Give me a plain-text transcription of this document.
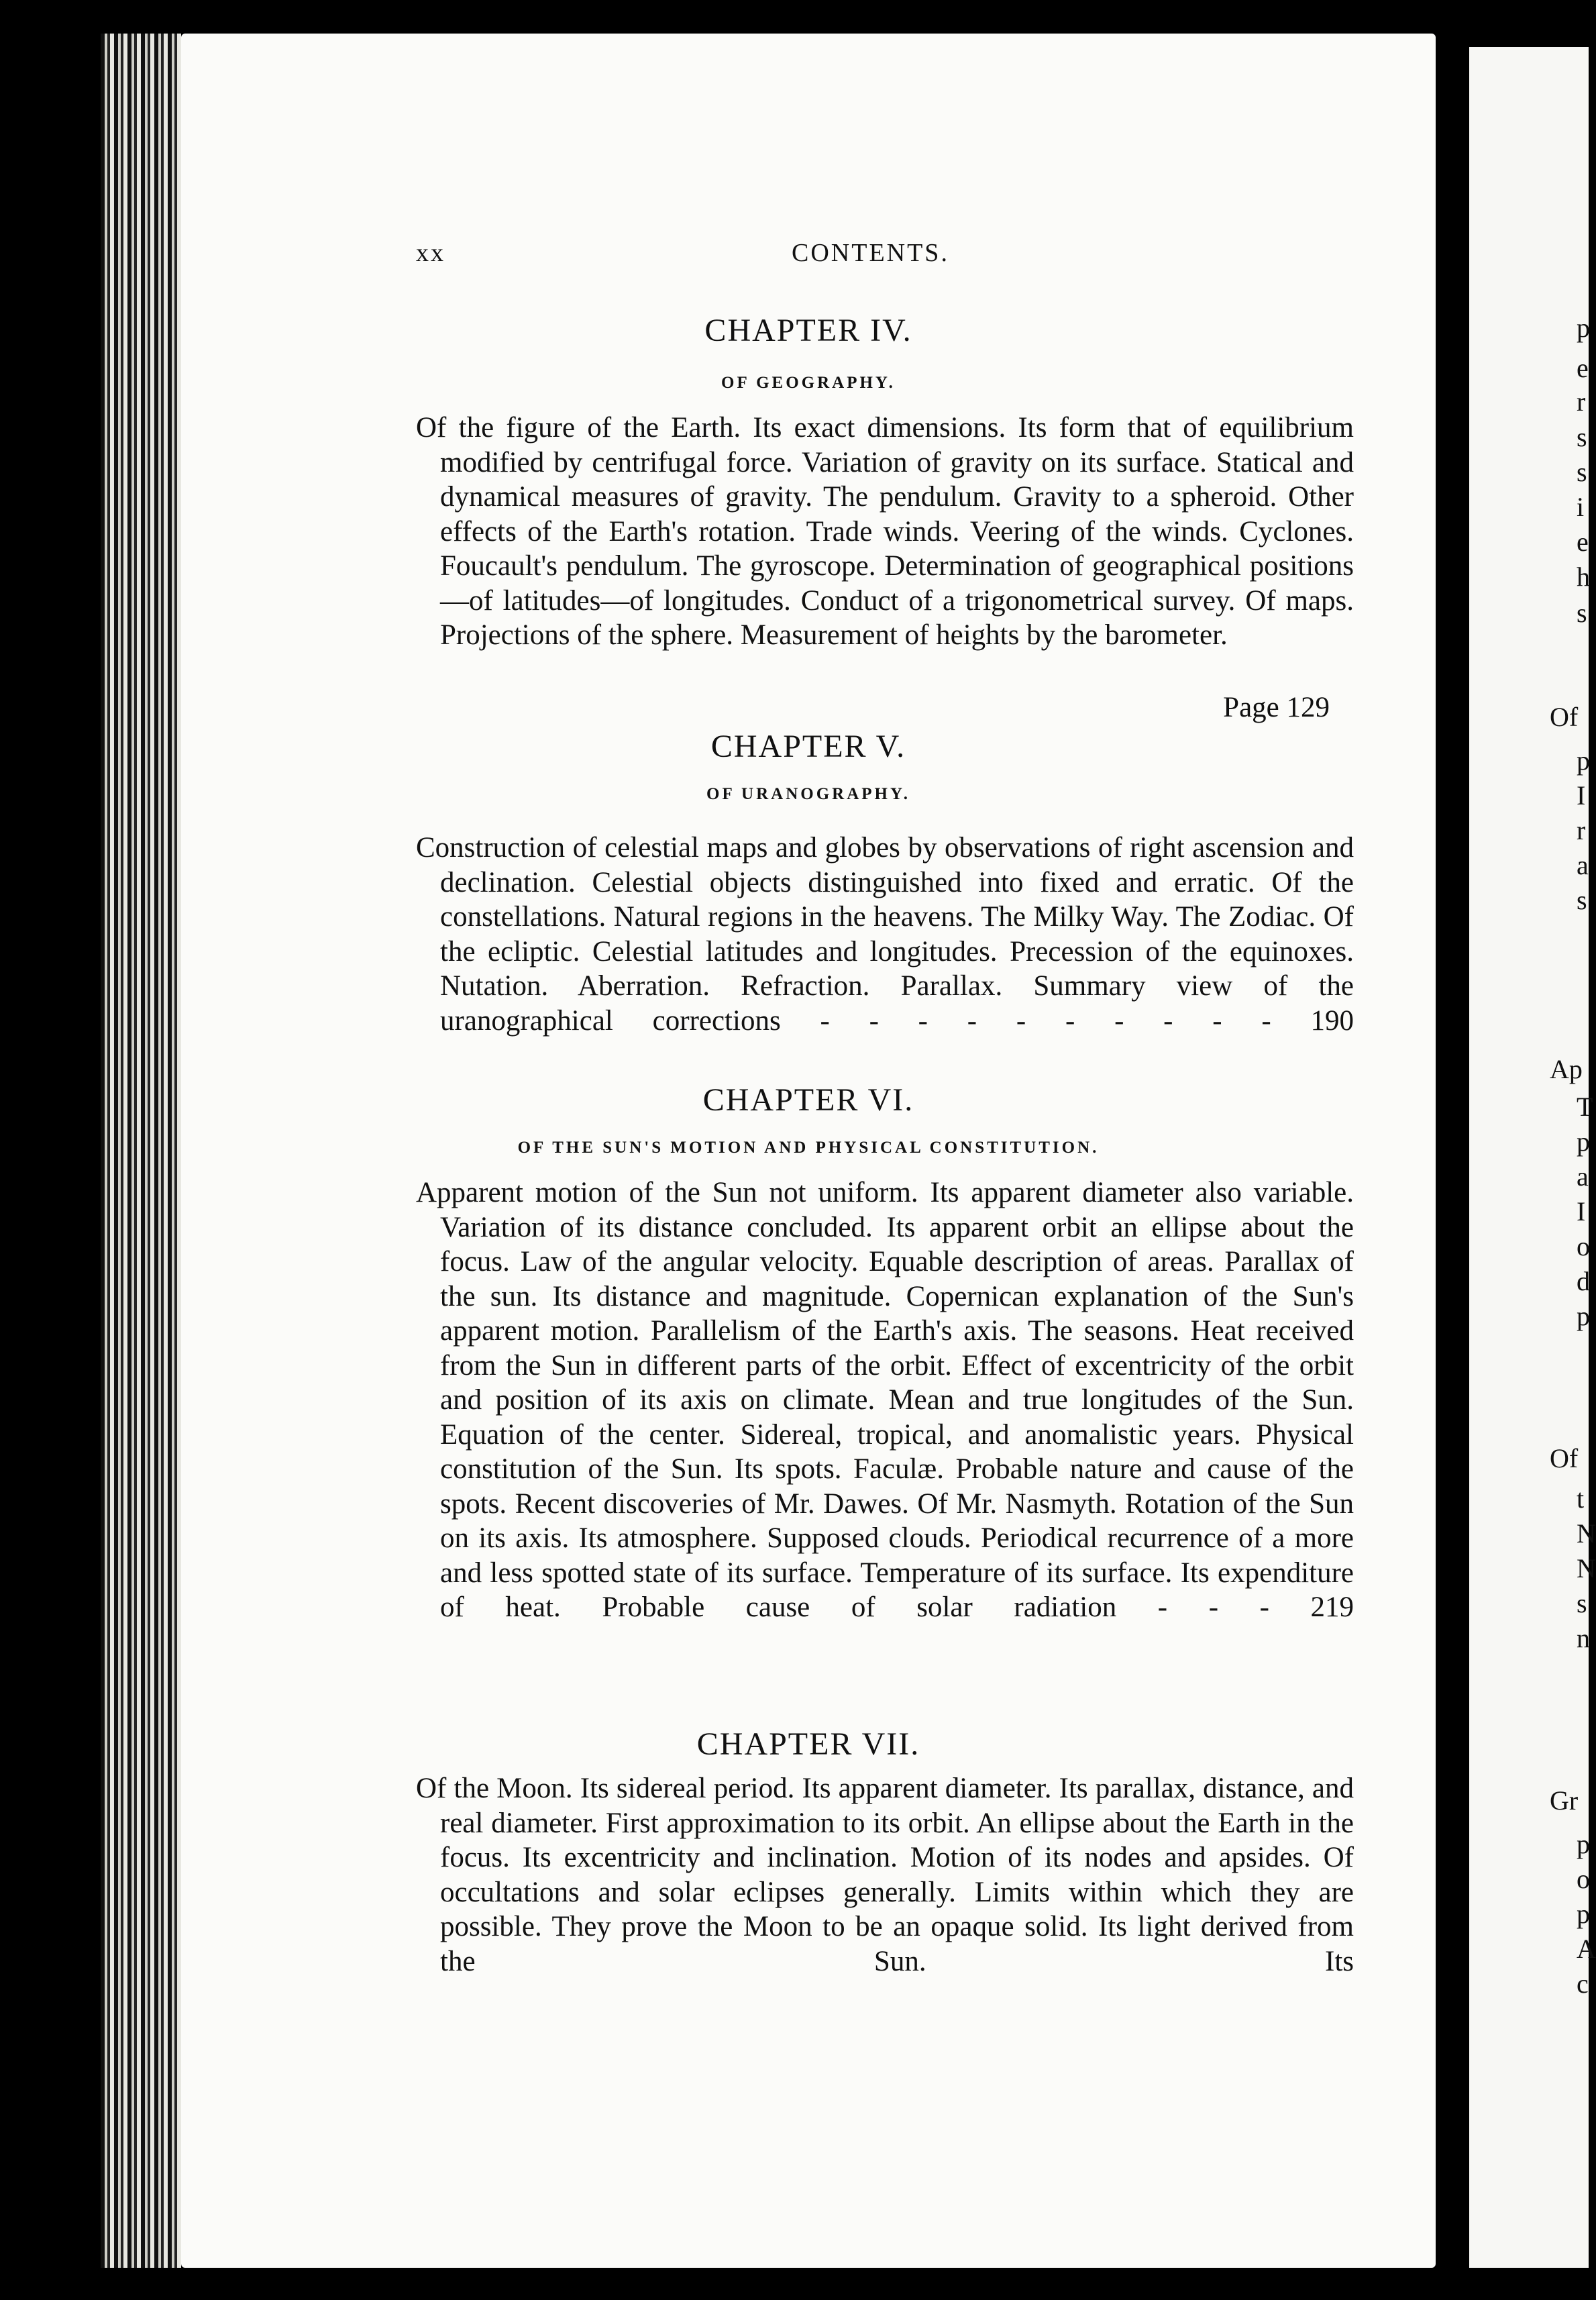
p
e
r
s
s
i
e
h
s
Of
p
I
r
a
s
Ap
T
p
a
I
o
d
p
Of
t
N
N
s
n
Gr
p
o
p
A
c
xx	CONTENTS.
CHAPTER IV.
OF GEOGRAPHY.
Of the figure of the Earth. Its exact dimensions. Its form that of equilibrium modified by centrifugal force. Variation of gravity on its surface. Statical and dynamical measures of gravity. The pendulum. Gravity to a spheroid. Other effects of the Earth's rotation. Trade winds. Veering of the winds. Cyclones. Foucault's pendulum. The gyroscope. Determination of geographical positions—of latitudes—of longitudes. Conduct of a trigonometrical survey. Of maps. Projections of the sphere. Measurement of heights by the barometer.
Page 129
CHAPTER V.
OF URANOGRAPHY.
Construction of celestial maps and globes by observations of right ascension and declination. Celestial objects distinguished into fixed and erratic. Of the constellations. Natural regions in the heavens. The Milky Way. The Zodiac. Of the ecliptic. Celestial latitudes and longitudes. Precession of the equinoxes. Nutation. Aberration. Refraction. Parallax. Summary view of the uranographical corrections - - - - - - - - - - 190
CHAPTER VI.
OF THE SUN'S MOTION AND PHYSICAL CONSTITUTION.
Apparent motion of the Sun not uniform. Its apparent diameter also variable. Variation of its distance concluded. Its apparent orbit an ellipse about the focus. Law of the angular velocity. Equable description of areas. Parallax of the sun. Its distance and magnitude. Copernican explanation of the Sun's apparent motion. Parallelism of the Earth's axis. The seasons. Heat received from the Sun in different parts of the orbit. Effect of excentricity of the orbit and position of its axis on climate. Mean and true longitudes of the Sun. Equation of the center. Sidereal, tropical, and anomalistic years. Physical constitution of the Sun. Its spots. Faculæ. Probable nature and cause of the spots. Recent discoveries of Mr. Dawes. Of Mr. Nasmyth. Rotation of the Sun on its axis. Its atmosphere. Supposed clouds. Periodical recurrence of a more and less spotted state of its surface. Temperature of its surface. Its expenditure of heat. Probable cause of solar radiation - - - 219
CHAPTER VII.
Of the Moon. Its sidereal period. Its apparent diameter. Its parallax, distance, and real diameter. First approximation to its orbit. An ellipse about the Earth in the focus. Its excentricity and inclination. Motion of its nodes and apsides. Of occultations and solar eclipses generally. Limits within which they are possible. They prove the Moon to be an opaque solid. Its light derived from the Sun. Its
